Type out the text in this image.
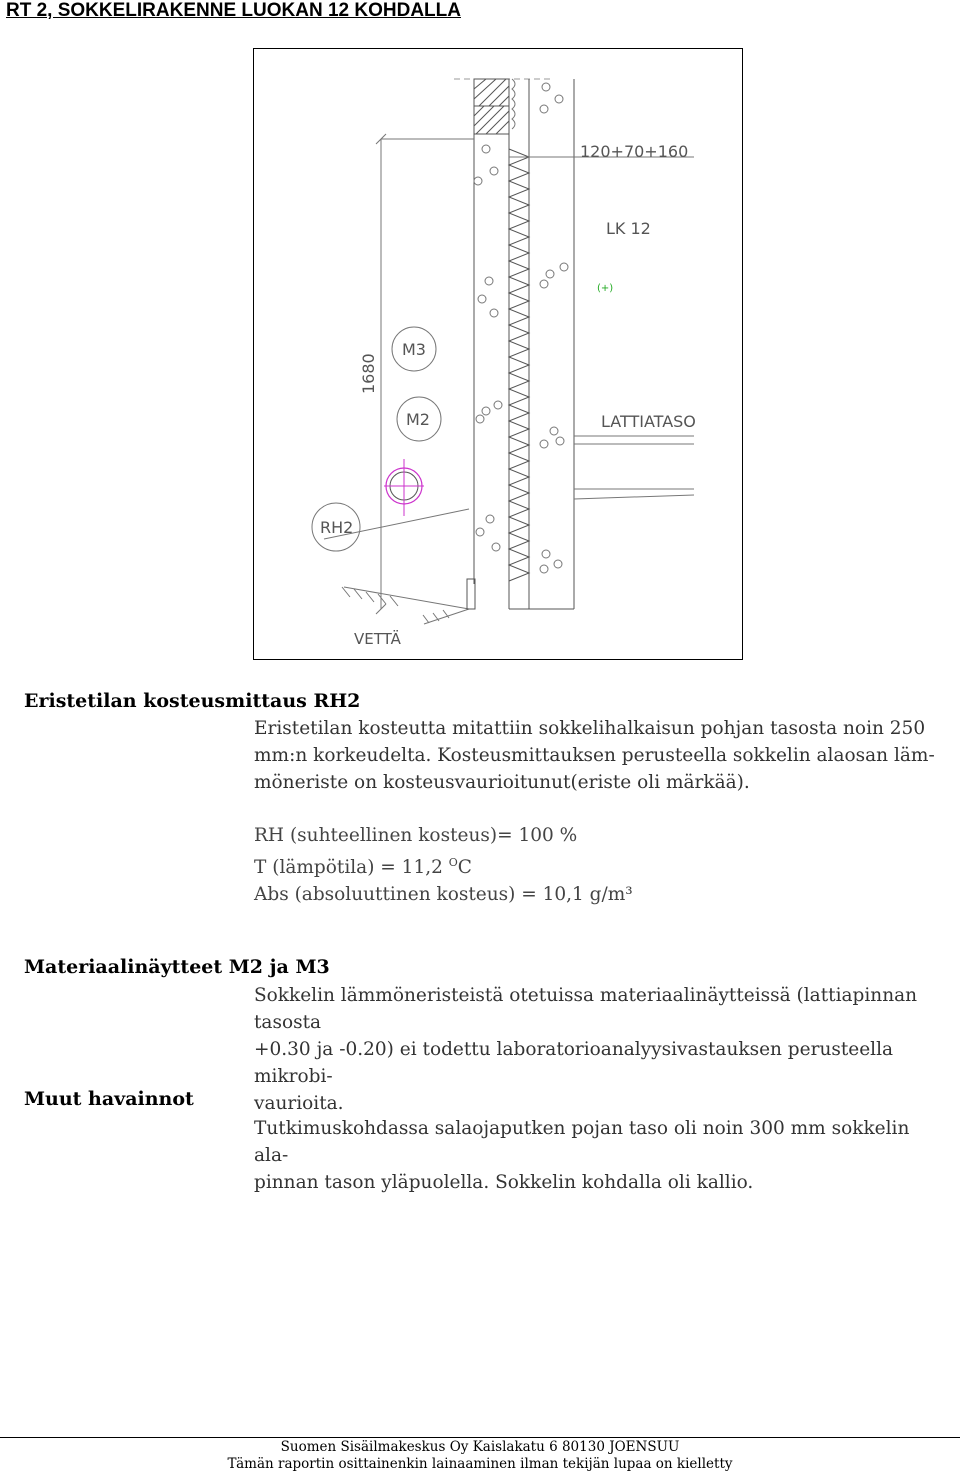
RT 2, SOKKELIRAKENNE LUOKAN 12 KOHDALLA
120+70+160
LK 12
(+)
1680
M3
M2	LATTIATASO
RH2
VETTÄ
Eristetilan kosteusmittaus RH2
Eristetilan kosteutta mitattiin sokkelihalkaisun pohjan tasosta noin 250
mm:n korkeudelta. Kosteusmittauksen perusteella sokkelin alaosan läm-
möneriste on kosteusvaurioitunut(eriste oli märkää).
RH (suhteellinen kosteus)= 100 %
T (lämpötila) = 11,2 $^O$C
Abs (absoluuttinen kosteus) = 10,1 g/m³
Materiaalinäytteet M2 ja M3
Sokkelin lämmöneristeistä otetuissa materiaalinäytteissä (lattiapinnan tasosta
+0.30 ja -0.20) ei todettu laboratorioanalyysivastauksen perusteella mikrobi-
vaurioita.
Muut havainnot
Tutkimuskohdassa salaojaputken pojan taso oli noin 300 mm sokkelin ala-
pinnan tason yläpuolella. Sokkelin kohdalla oli kallio.
Suomen Sisäilmakeskus Oy Kaislakatu 6 80130 JOENSUU
Tämän raportin osittainenkin lainaaminen ilman tekijän lupaa on kielletty
